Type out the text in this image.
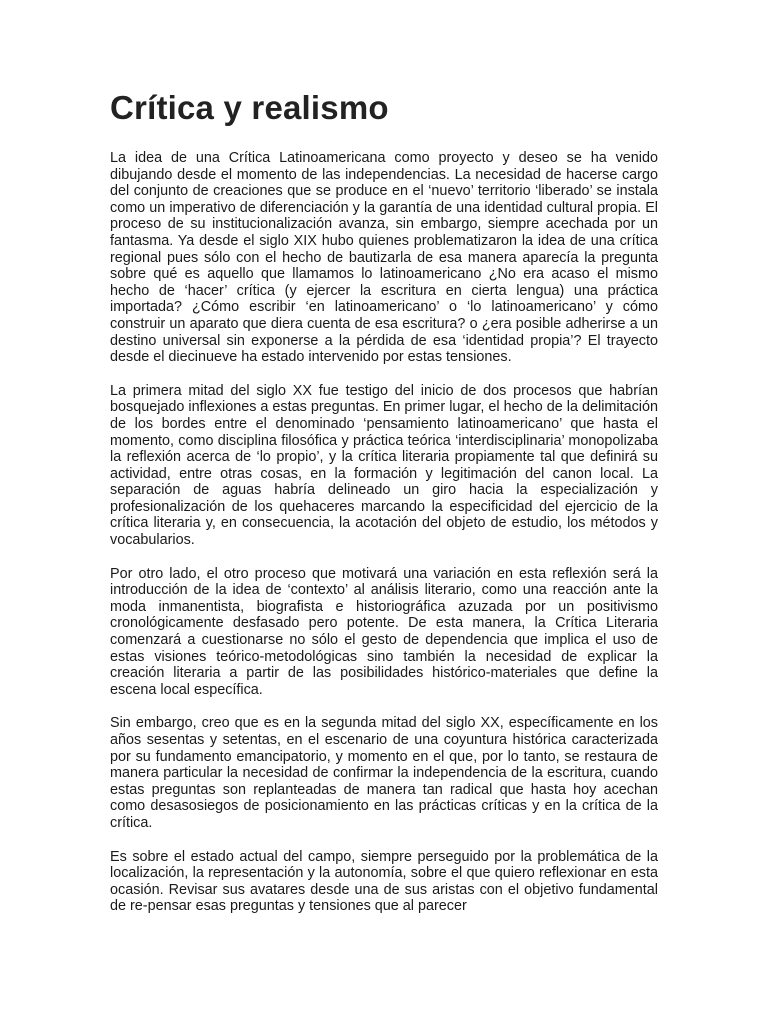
Crítica y realismo

La idea de una Crítica Latinoamericana como proyecto y deseo se ha venido dibujando desde el momento de las independencias. La necesidad de hacerse cargo del conjunto de creaciones que se produce en el ‘nuevo’ territorio ‘liberado’ se instala como un imperativo de diferenciación y la garantía de una identidad cultural propia. El proceso de su institucionalización avanza, sin embargo, siempre acechada por un fantasma. Ya desde el siglo XIX hubo quienes problematizaron la idea de una crítica regional pues sólo con el hecho de bautizarla de esa manera aparecía la pregunta sobre qué es aquello que llamamos lo latinoamericano ¿No era acaso el mismo hecho de ‘hacer’ crítica (y ejercer la escritura en cierta lengua) una práctica importada? ¿Cómo escribir ‘en latinoamericano’ o ‘lo latinoamericano’ y cómo construir un aparato que diera cuenta de esa escritura? o ¿era posible adherirse a un destino universal sin exponerse a la pérdida de esa ‘identidad propia’? El trayecto desde el diecinueve ha estado intervenido por estas tensiones.

La primera mitad del siglo XX fue testigo del inicio de dos procesos que habrían bosquejado inflexiones a estas preguntas. En primer lugar, el hecho de la delimitación de los bordes entre el denominado ‘pensamiento latinoamericano’ que hasta el momento, como disciplina filosófica y práctica teórica ‘interdisciplinaria’ monopolizaba la reflexión acerca de ‘lo propio’, y la crítica literaria propiamente tal que definirá su actividad, entre otras cosas, en la formación y legitimación del canon local. La separación de aguas habría delineado un giro hacia la especialización y profesionalización de los quehaceres marcando la especificidad del ejercicio de la crítica literaria y, en consecuencia, la acotación del objeto de estudio, los métodos y vocabularios.

Por otro lado, el otro proceso que motivará una variación en esta reflexión será la introducción de la idea de ‘contexto’ al análisis literario, como una reacción ante la moda inmanentista, biografista e historiográfica azuzada por un positivismo cronológicamente desfasado pero potente. De esta manera, la Crítica Literaria comenzará a cuestionarse no sólo el gesto de dependencia que implica el uso de estas visiones teórico-metodológicas sino también la necesidad de explicar la creación literaria a partir de las posibilidades histórico-materiales que define la escena local específica.

Sin embargo, creo que es en la segunda mitad del siglo XX, específicamente en los años sesentas y setentas, en el escenario de una coyuntura histórica caracterizada por su fundamento emancipatorio, y momento en el que, por lo tanto, se restaura de manera particular la necesidad de confirmar la independencia de la escritura, cuando estas preguntas son replanteadas de manera tan radical que hasta hoy acechan como desasosiegos de posicionamiento en las prácticas críticas y en la crítica de la crítica.

Es sobre el estado actual del campo, siempre perseguido por la problemática de la localización, la representación y la autonomía, sobre el que quiero reflexionar en esta ocasión. Revisar sus avatares desde una de sus aristas con el objetivo fundamental de re-pensar esas preguntas y tensiones que al parecer
